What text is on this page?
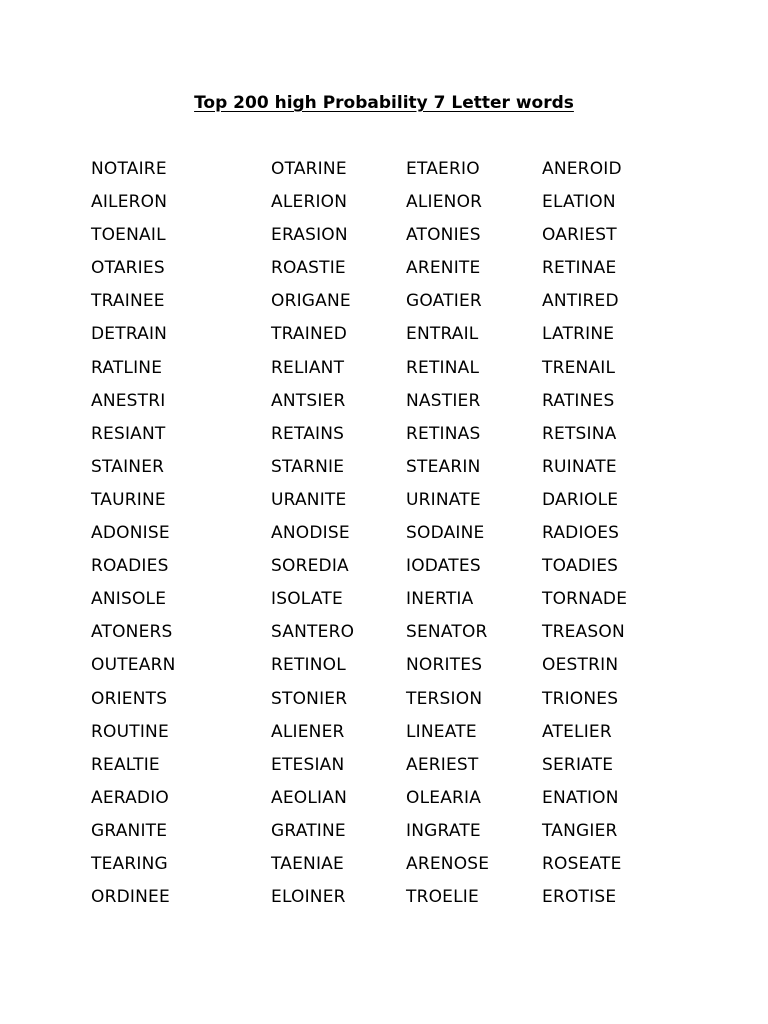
Top 200 high Probability 7 Letter words
NOTAIRE	OTARINE	ETAERIO	ANEROID
AILERON	ALERION	ALIENOR	ELATION
TOENAIL	ERASION	ATONIES	OARIEST
OTARIES	ROASTIE	ARENITE	RETINAE
TRAINEE	ORIGANE	GOATIER	ANTIRED
DETRAIN	TRAINED	ENTRAIL	LATRINE
RATLINE	RELIANT	RETINAL	TRENAIL
ANESTRI	ANTSIER	NASTIER	RATINES
RESIANT	RETAINS	RETINAS	RETSINA
STAINER	STARNIE	STEARIN	RUINATE
TAURINE	URANITE	URINATE	DARIOLE
ADONISE	ANODISE	SODAINE	RADIOES
ROADIES	SOREDIA	IODATES	TOADIES
ANISOLE	ISOLATE	INERTIA	TORNADE
ATONERS	SANTERO	SENATOR	TREASON
OUTEARN	RETINOL	NORITES	OESTRIN
ORIENTS	STONIER	TERSION	TRIONES
ROUTINE	ALIENER	LINEATE	ATELIER
REALTIE	ETESIAN	AERIEST	SERIATE
AERADIO	AEOLIAN	OLEARIA	ENATION
GRANITE	GRATINE	INGRATE	TANGIER
TEARING	TAENIAE	ARENOSE	ROSEATE
ORDINEE	ELOINER	TROELIE	EROTISE
